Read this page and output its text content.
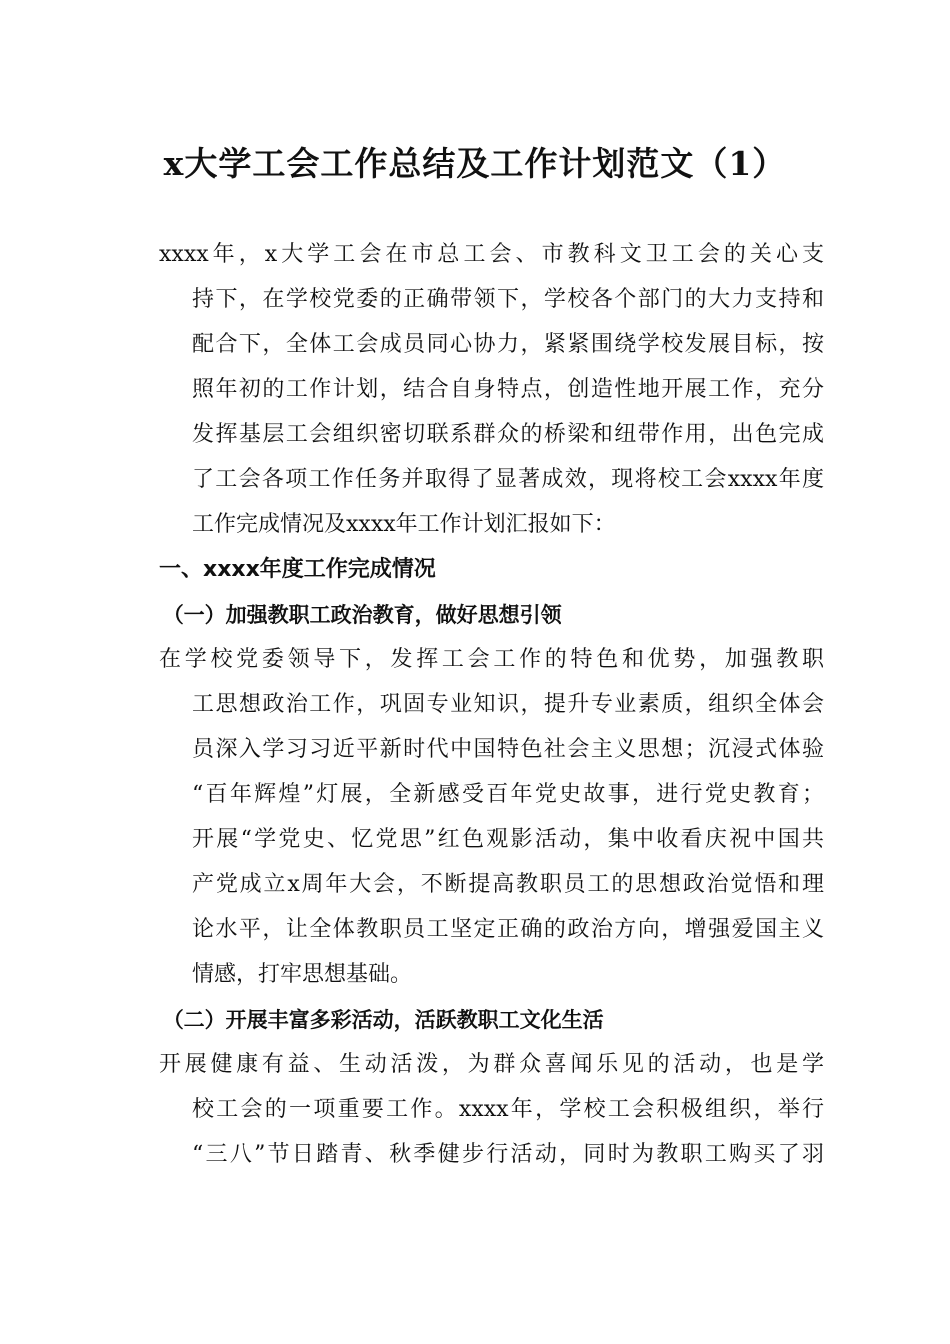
x大学工会工作总结及工作计划范文（1）
xxxx年，x大学工会在市总工会、市教科文卫工会的关心支
持下，在学校党委的正确带领下，学校各个部门的大力支持和
配合下，全体工会成员同心协力，紧紧围绕学校发展目标，按
照年初的工作计划，结合自身特点，创造性地开展工作，充分
发挥基层工会组织密切联系群众的桥梁和纽带作用，出色完成
了工会各项工作任务并取得了显著成效，现将校工会xxxx年度
工作完成情况及xxxx年工作计划汇报如下：
一、xxxx年度工作完成情况
（一）加强教职工政治教育，做好思想引领
在学校党委领导下，发挥工会工作的特色和优势，加强教职
工思想政治工作，巩固专业知识，提升专业素质，组织全体会
员深入学习习近平新时代中国特色社会主义思想；沉浸式体验
“百年辉煌”灯展，全新感受百年党史故事，进行党史教育；
开展“学党史、忆党思”红色观影活动，集中收看庆祝中国共
产党成立x周年大会，不断提高教职员工的思想政治觉悟和理
论水平，让全体教职员工坚定正确的政治方向，增强爱国主义
情感，打牢思想基础。
（二）开展丰富多彩活动，活跃教职工文化生活
开展健康有益、生动活泼，为群众喜闻乐见的活动，也是学
校工会的一项重要工作。xxxx年，学校工会积极组织，举行
“三八”节日踏青、秋季健步行活动，同时为教职工购买了羽
